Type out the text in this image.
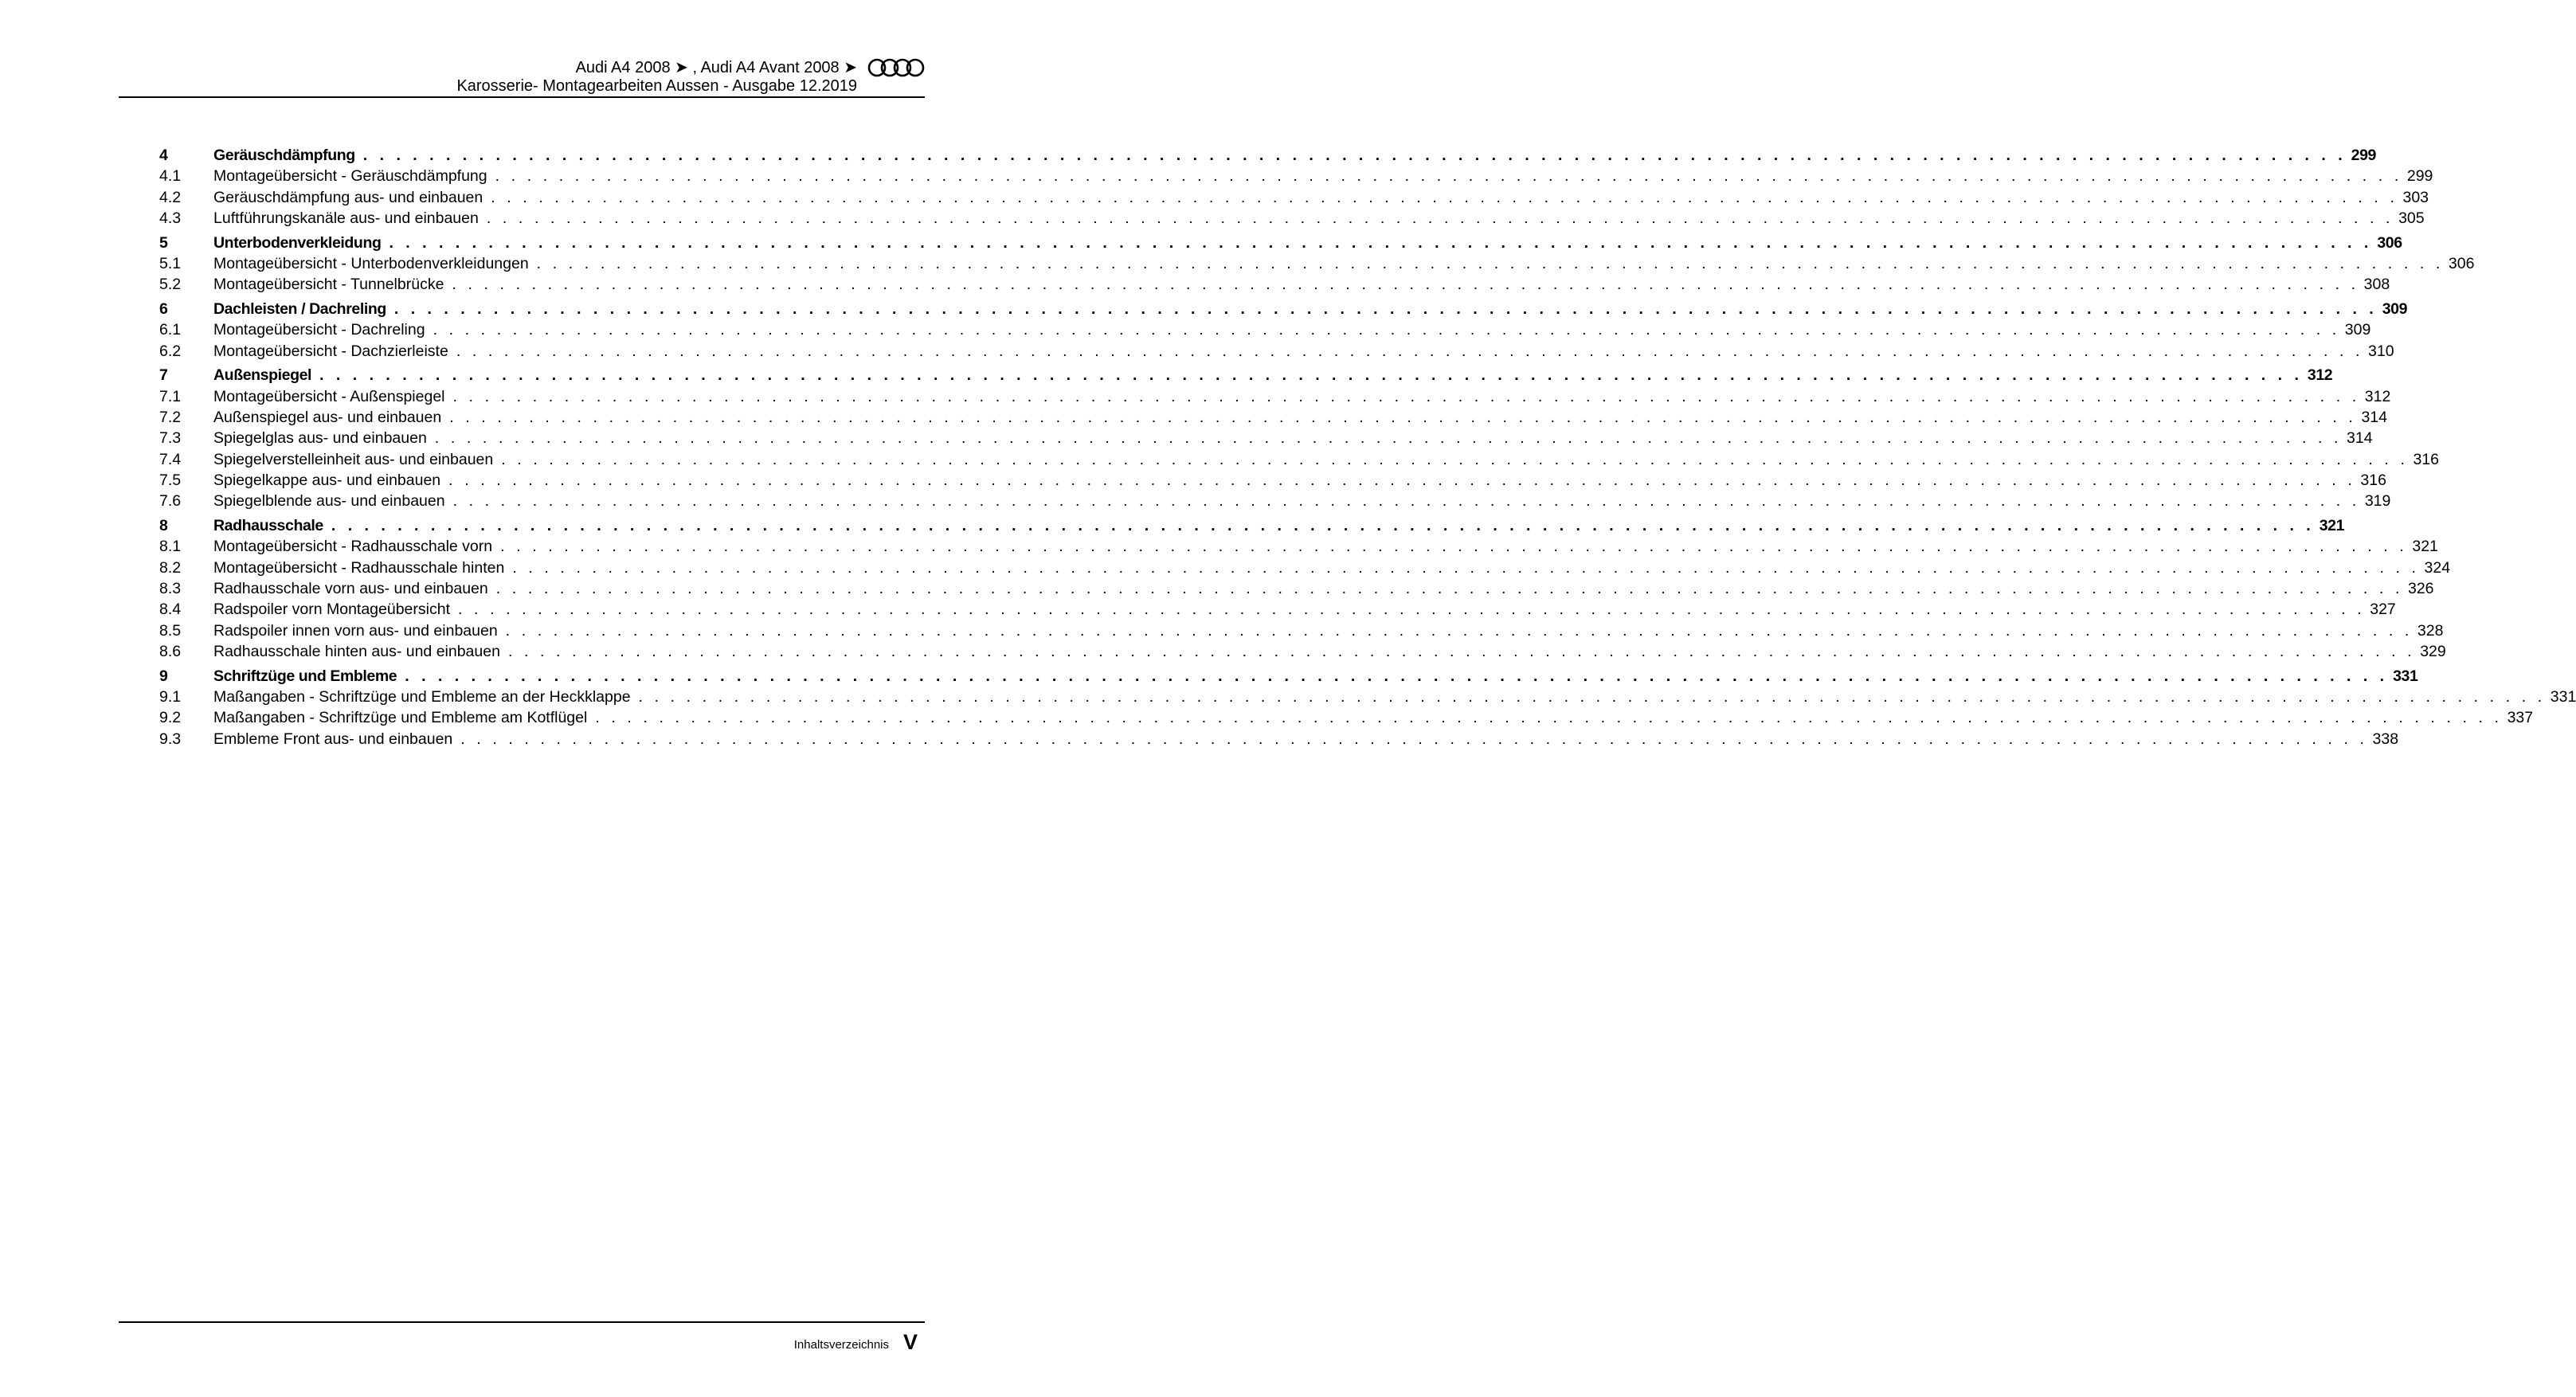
Audi A4 2008 ➤ , Audi A4 Avant 2008 ➤
Karosserie- Montagearbeiten Aussen - Ausgabe 12.2019
4	Geräuschdämpfung . . . . . . . . . . . . . . . . . . . . . . . . . . . . . . . . . . . . . . . . . . . . . . . . . . . . . . . . . . . . . . . . . . . . . . . . . . . . . . . . . . . . . . . . . . . . . . . . . . . . . . . . . . . . . . . . . . . . . . . . 299
4.1	Montageübersicht - Geräuschdämpfung . . . . . . . . . . . . . . . . . . . . . . . . . . . . . . . . . . . . . . . . . . . . . . . . . . . . . . . . . . . . . . . . . . . . . . . . . . . . . . . . . . . . . . . . . . . . . . . . . . . . . . . . . . . . . . . . . . . . . . . . 299
4.2	Geräuschdämpfung aus- und einbauen . . . . . . . . . . . . . . . . . . . . . . . . . . . . . . . . . . . . . . . . . . . . . . . . . . . . . . . . . . . . . . . . . . . . . . . . . . . . . . . . . . . . . . . . . . . . . . . . . . . . . . . . . . . . . . . . . . . . . . . . 303
4.3	Luftführungskanäle aus- und einbauen . . . . . . . . . . . . . . . . . . . . . . . . . . . . . . . . . . . . . . . . . . . . . . . . . . . . . . . . . . . . . . . . . . . . . . . . . . . . . . . . . . . . . . . . . . . . . . . . . . . . . . . . . . . . . . . . . . . . . . . . 305
5	Unterbodenverkleidung . . . . . . . . . . . . . . . . . . . . . . . . . . . . . . . . . . . . . . . . . . . . . . . . . . . . . . . . . . . . . . . . . . . . . . . . . . . . . . . . . . . . . . . . . . . . . . . . . . . . . . . . . . . . . . . . . . . . . . . . 306
5.1	Montageübersicht - Unterbodenverkleidungen . . . . . . . . . . . . . . . . . . . . . . . . . . . . . . . . . . . . . . . . . . . . . . . . . . . . . . . . . . . . . . . . . . . . . . . . . . . . . . . . . . . . . . . . . . . . . . . . . . . . . . . . . . . . . . . . . . . . . . . . 306
5.2	Montageübersicht - Tunnelbrücke . . . . . . . . . . . . . . . . . . . . . . . . . . . . . . . . . . . . . . . . . . . . . . . . . . . . . . . . . . . . . . . . . . . . . . . . . . . . . . . . . . . . . . . . . . . . . . . . . . . . . . . . . . . . . . . . . . . . . . . . 308
6	Dachleisten / Dachreling . . . . . . . . . . . . . . . . . . . . . . . . . . . . . . . . . . . . . . . . . . . . . . . . . . . . . . . . . . . . . . . . . . . . . . . . . . . . . . . . . . . . . . . . . . . . . . . . . . . . . . . . . . . . . . . . . . . . . . . . 309
6.1	Montageübersicht - Dachreling . . . . . . . . . . . . . . . . . . . . . . . . . . . . . . . . . . . . . . . . . . . . . . . . . . . . . . . . . . . . . . . . . . . . . . . . . . . . . . . . . . . . . . . . . . . . . . . . . . . . . . . . . . . . . . . . . . . . . . . . 309
6.2	Montageübersicht - Dachzierleiste . . . . . . . . . . . . . . . . . . . . . . . . . . . . . . . . . . . . . . . . . . . . . . . . . . . . . . . . . . . . . . . . . . . . . . . . . . . . . . . . . . . . . . . . . . . . . . . . . . . . . . . . . . . . . . . . . . . . . . . . 310
7	Außenspiegel . . . . . . . . . . . . . . . . . . . . . . . . . . . . . . . . . . . . . . . . . . . . . . . . . . . . . . . . . . . . . . . . . . . . . . . . . . . . . . . . . . . . . . . . . . . . . . . . . . . . . . . . . . . . . . . . . . . . . . . . 312
7.1	Montageübersicht - Außenspiegel . . . . . . . . . . . . . . . . . . . . . . . . . . . . . . . . . . . . . . . . . . . . . . . . . . . . . . . . . . . . . . . . . . . . . . . . . . . . . . . . . . . . . . . . . . . . . . . . . . . . . . . . . . . . . . . . . . . . . . . . 312
7.2	Außenspiegel aus- und einbauen . . . . . . . . . . . . . . . . . . . . . . . . . . . . . . . . . . . . . . . . . . . . . . . . . . . . . . . . . . . . . . . . . . . . . . . . . . . . . . . . . . . . . . . . . . . . . . . . . . . . . . . . . . . . . . . . . . . . . . . . 314
7.3	Spiegelglas aus- und einbauen . . . . . . . . . . . . . . . . . . . . . . . . . . . . . . . . . . . . . . . . . . . . . . . . . . . . . . . . . . . . . . . . . . . . . . . . . . . . . . . . . . . . . . . . . . . . . . . . . . . . . . . . . . . . . . . . . . . . . . . . 314
7.4	Spiegelverstelleinheit aus- und einbauen . . . . . . . . . . . . . . . . . . . . . . . . . . . . . . . . . . . . . . . . . . . . . . . . . . . . . . . . . . . . . . . . . . . . . . . . . . . . . . . . . . . . . . . . . . . . . . . . . . . . . . . . . . . . . . . . . . . . . . . . 316
7.5	Spiegelkappe aus- und einbauen . . . . . . . . . . . . . . . . . . . . . . . . . . . . . . . . . . . . . . . . . . . . . . . . . . . . . . . . . . . . . . . . . . . . . . . . . . . . . . . . . . . . . . . . . . . . . . . . . . . . . . . . . . . . . . . . . . . . . . . . 316
7.6	Spiegelblende aus- und einbauen . . . . . . . . . . . . . . . . . . . . . . . . . . . . . . . . . . . . . . . . . . . . . . . . . . . . . . . . . . . . . . . . . . . . . . . . . . . . . . . . . . . . . . . . . . . . . . . . . . . . . . . . . . . . . . . . . . . . . . . . 319
8	Radhausschale . . . . . . . . . . . . . . . . . . . . . . . . . . . . . . . . . . . . . . . . . . . . . . . . . . . . . . . . . . . . . . . . . . . . . . . . . . . . . . . . . . . . . . . . . . . . . . . . . . . . . . . . . . . . . . . . . . . . . . . . 321
8.1	Montageübersicht - Radhausschale vorn . . . . . . . . . . . . . . . . . . . . . . . . . . . . . . . . . . . . . . . . . . . . . . . . . . . . . . . . . . . . . . . . . . . . . . . . . . . . . . . . . . . . . . . . . . . . . . . . . . . . . . . . . . . . . . . . . . . . . . . . 321
8.2	Montageübersicht - Radhausschale hinten . . . . . . . . . . . . . . . . . . . . . . . . . . . . . . . . . . . . . . . . . . . . . . . . . . . . . . . . . . . . . . . . . . . . . . . . . . . . . . . . . . . . . . . . . . . . . . . . . . . . . . . . . . . . . . . . . . . . . . . . 324
8.3	Radhausschale vorn aus- und einbauen . . . . . . . . . . . . . . . . . . . . . . . . . . . . . . . . . . . . . . . . . . . . . . . . . . . . . . . . . . . . . . . . . . . . . . . . . . . . . . . . . . . . . . . . . . . . . . . . . . . . . . . . . . . . . . . . . . . . . . . . 326
8.4	Radspoiler vorn Montageübersicht . . . . . . . . . . . . . . . . . . . . . . . . . . . . . . . . . . . . . . . . . . . . . . . . . . . . . . . . . . . . . . . . . . . . . . . . . . . . . . . . . . . . . . . . . . . . . . . . . . . . . . . . . . . . . . . . . . . . . . . . 327
8.5	Radspoiler innen vorn aus- und einbauen . . . . . . . . . . . . . . . . . . . . . . . . . . . . . . . . . . . . . . . . . . . . . . . . . . . . . . . . . . . . . . . . . . . . . . . . . . . . . . . . . . . . . . . . . . . . . . . . . . . . . . . . . . . . . . . . . . . . . . . . 328
8.6	Radhausschale hinten aus- und einbauen . . . . . . . . . . . . . . . . . . . . . . . . . . . . . . . . . . . . . . . . . . . . . . . . . . . . . . . . . . . . . . . . . . . . . . . . . . . . . . . . . . . . . . . . . . . . . . . . . . . . . . . . . . . . . . . . . . . . . . . . 329
9	Schriftzüge und Embleme . . . . . . . . . . . . . . . . . . . . . . . . . . . . . . . . . . . . . . . . . . . . . . . . . . . . . . . . . . . . . . . . . . . . . . . . . . . . . . . . . . . . . . . . . . . . . . . . . . . . . . . . . . . . . . . . . . . . . . . . 331
9.1	Maßangaben - Schriftzüge und Embleme an der Heckklappe . . . . . . . . . . . . . . . . . . . . . . . . . . . . . . . . . . . . . . . . . . . . . . . . . . . . . . . . . . . . . . . . . . . . . . . . . . . . . . . . . . . . . . . . . . . . . . . . . . . . . . . . . . . . . . . . . . . . . . . . 331
9.2	Maßangaben - Schriftzüge und Embleme am Kotflügel . . . . . . . . . . . . . . . . . . . . . . . . . . . . . . . . . . . . . . . . . . . . . . . . . . . . . . . . . . . . . . . . . . . . . . . . . . . . . . . . . . . . . . . . . . . . . . . . . . . . . . . . . . . . . . . . . . . . . . . . 337
9.3	Embleme Front aus- und einbauen . . . . . . . . . . . . . . . . . . . . . . . . . . . . . . . . . . . . . . . . . . . . . . . . . . . . . . . . . . . . . . . . . . . . . . . . . . . . . . . . . . . . . . . . . . . . . . . . . . . . . . . . . . . . . . . . . . . . . . . . 338
Inhaltsverzeichnis V
